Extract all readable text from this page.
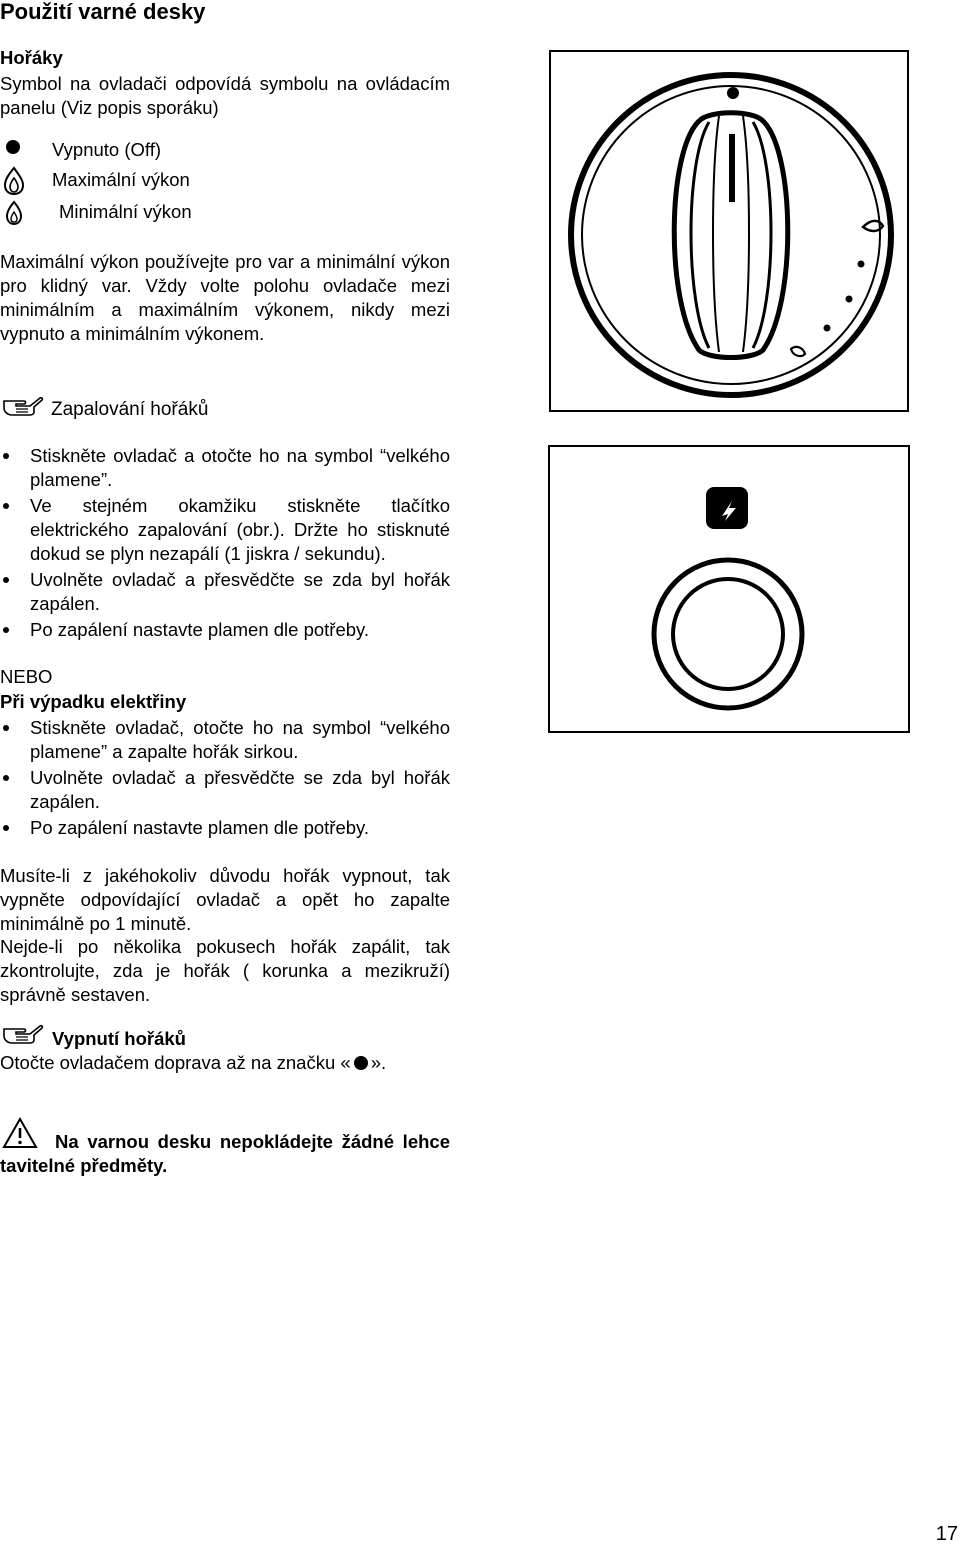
Použití varné desky
Hořáky
Symbol na ovladači odpovídá symbolu na ovládacím panelu (Viz popis sporáku)
Vypnuto (Off)
Maximální výkon
Minimální výkon
Maximální výkon používejte pro var a minimální výkon pro klidný var. Vždy volte polohu ovladače mezi minimálním a maximálním výkonem, nikdy mezi vypnuto a minimálním výkonem.
Zapalování hořáků
Stiskněte ovladač a otočte ho na symbol “velkého plamene”.
Ve stejném okamžiku stiskněte tlačítko elektrického zapalování (obr.). Držte ho stisknuté dokud se plyn nezapálí (1 jiskra / sekundu).
Uvolněte ovladač a přesvědčte se zda byl hořák zapálen.
Po zapálení nastavte plamen dle potřeby.
NEBO
Při výpadku elektřiny
Stiskněte ovladač, otočte ho na symbol “velkého plamene” a zapalte hořák sirkou.
Uvolněte ovladač a přesvědčte se zda byl hořák zapálen.
Po zapálení nastavte plamen dle potřeby.
Musíte-li z jakéhokoliv důvodu hořák vypnout, tak vypněte odpovídající ovladač a opět ho zapalte minimálně po 1 minutě.
Nejde-li po několika pokusech hořák zapálit, tak zkontrolujte, zda je hořák ( korunka a mezikruží) správně sestaven.
Vypnutí hořáků
Otočte ovladačem doprava až na značku « ».
Na varnou desku nepokládejte žádné lehce tavitelné předměty.
17
